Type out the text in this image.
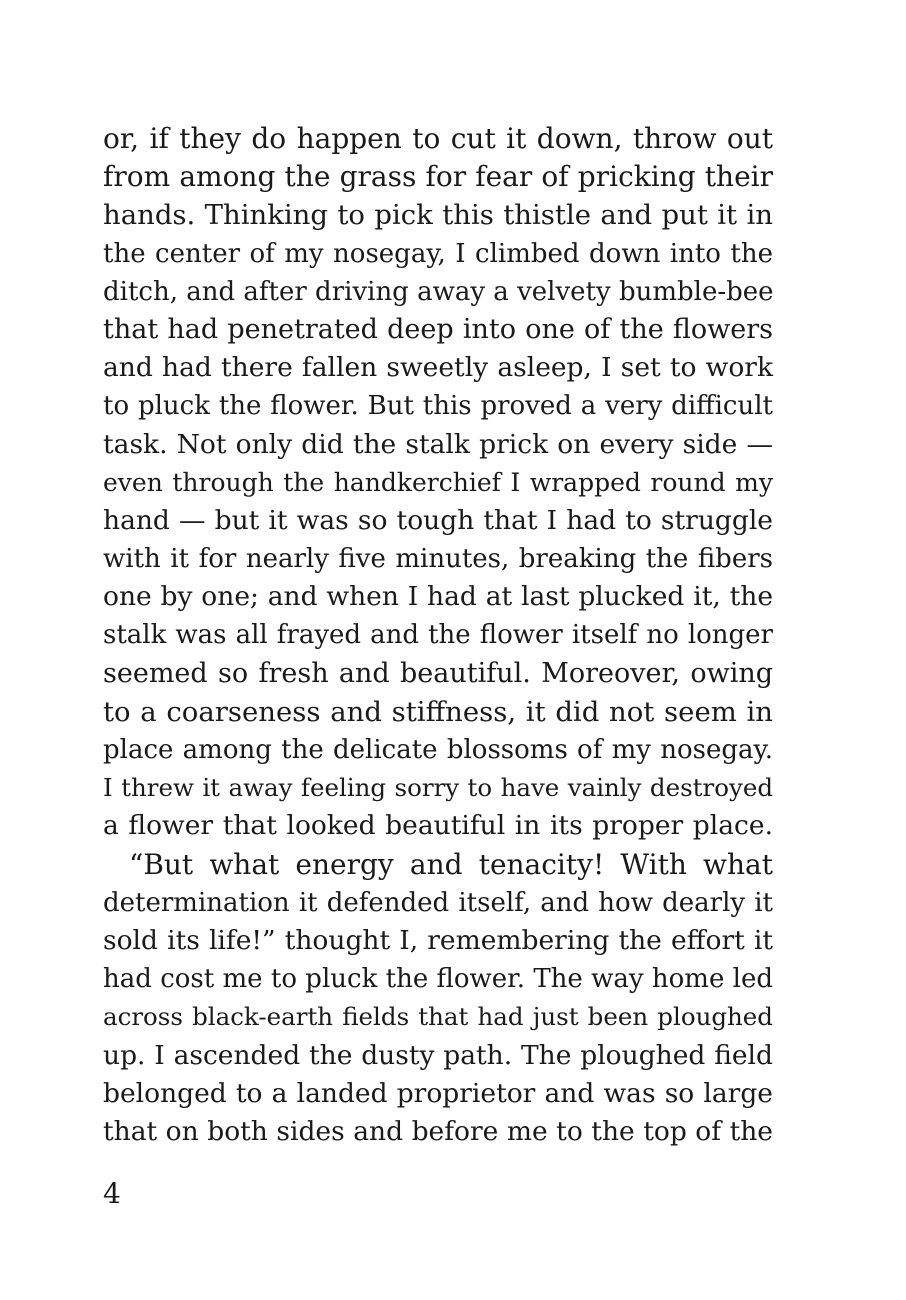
or, if they do happen to cut it down, throw out
from among the grass for fear of pricking their
hands. Thinking to pick this thistle and put it in
the center of my nosegay, I climbed down into the
ditch, and after driving away a velvety bumble-bee
that had penetrated deep into one of the flowers
and had there fallen sweetly asleep, I set to work
to pluck the flower. But this proved a very difficult
task. Not only did the stalk prick on every side —
even through the handkerchief I wrapped round my
hand — but it was so tough that I had to struggle
with it for nearly five minutes, breaking the fibers
one by one; and when I had at last plucked it, the
stalk was all frayed and the flower itself no longer
seemed so fresh and beautiful. Moreover, owing
to a coarseness and stiffness, it did not seem in
place among the delicate blossoms of my nosegay.
I threw it away feeling sorry to have vainly destroyed
a flower that looked beautiful in its proper place.
“But what energy and tenacity! With what
determination it defended itself, and how dearly it
sold its life!” thought I, remembering the effort it
had cost me to pluck the flower. The way home led
across black-earth fields that had just been ploughed
up. I ascended the dusty path. The ploughed field
belonged to a landed proprietor and was so large
that on both sides and before me to the top of the
4
